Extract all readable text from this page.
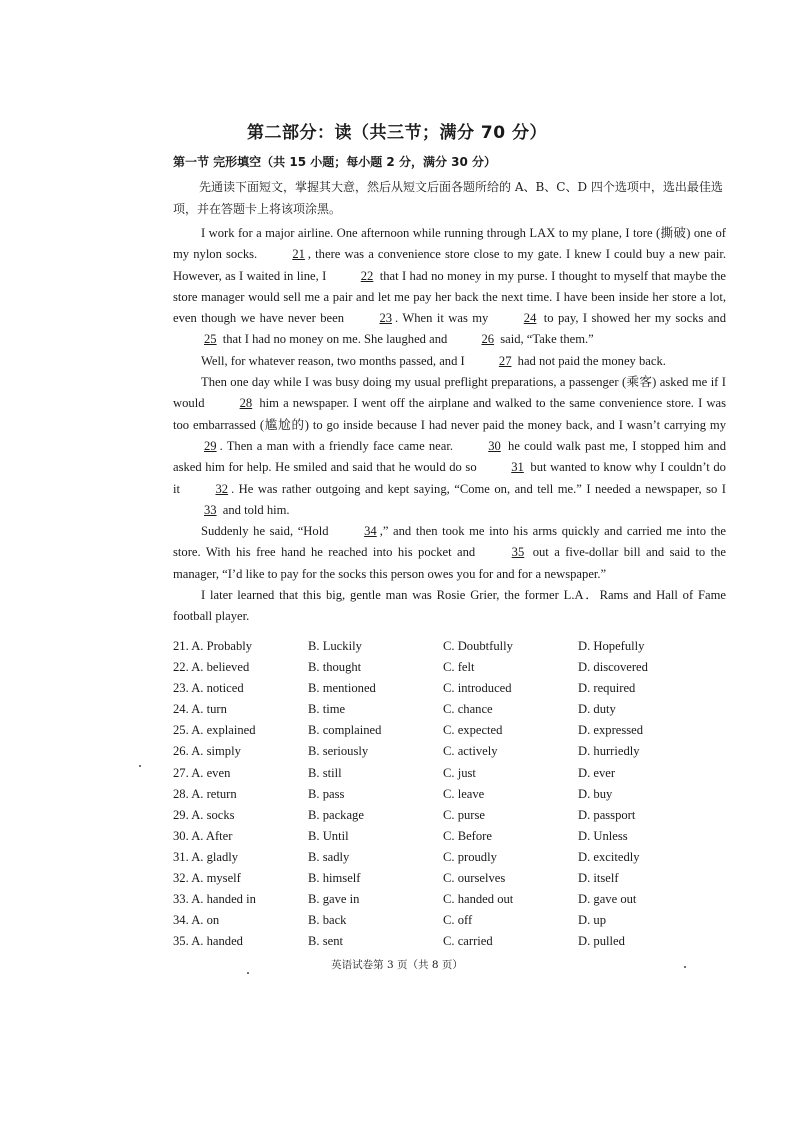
第二部分：读（共三节；满分 70 分）
第一节 完形填空（共 15 小题；每小题 2 分，满分 30 分）

先通读下面短文，掌握其大意，然后从短文后面各题所给的 A、B、C、D 四个选项中，选出最佳选项，并在答题卡上将该项涂黑。

I work for a major airline. One afternoon while running through LAX to my plane, I tore (撕破) one of my nylon socks.	21 , there was a convenience store close to my gate. I knew I could buy a new pair. However, as I waited in line, I	22 that I had no money in my purse. I thought to myself that maybe the store manager would sell me a pair and let me pay her back the next time. I have been inside her store a lot, even though we have never been	23 . When it was my	24 to pay, I showed her my socks and 25 that I had no money on me. She laughed and	26 said, “Take them.”

Well, for whatever reason, two months passed, and I	27 had not paid the money back.

Then one day while I was busy doing my usual preflight preparations, a passenger (乘客) asked me if I would	28 him a newspaper. I went off the airplane and walked to the same convenience store. I was too embarrassed (尴尬的) to go inside because I had never paid the money back, and I wasn’t carrying my 29 . Then a man with a friendly face came near.	30 he could walk past me, I stopped him and asked him for help. He smiled and said that he would do so	31 but wanted to know why I couldn’t do it	32 . He was rather outgoing and kept saying, “Come on, and tell me.” I needed a newspaper, so I 33 and told him.

Suddenly he said, “Hold	34 ,” and then took me into his arms quickly and carried me into the store. With his free hand he reached into his pocket and	35 out a five-dollar bill and said to the manager, “I’d like to pay for the socks this person owes you for and for a newspaper.”

I later learned that this big, gentle man was Rosie Grier, the former L.A．Rams and Hall of Fame football player.

21. A. Probably	B. Luckily	C. Doubtfully	D. Hopefully
22. A. believed	B. thought	C. felt	D. discovered
23. A. noticed	B. mentioned	C. introduced	D. required
24. A. turn	B. time	C. chance	D. duty
25. A. explained	B. complained	C. expected	D. expressed
26. A. simply	B. seriously	C. actively	D. hurriedly
27. A. even	B. still	C. just	D. ever
28. A. return	B. pass	C. leave	D. buy
29. A. socks	B. package	C. purse	D. passport
30. A. After	B. Until	C. Before	D. Unless
31. A. gladly	B. sadly	C. proudly	D. excitedly
32. A. myself	B. himself	C. ourselves	D. itself
33. A. handed in	B. gave in	C. handed out	D. gave out
34. A. on	B. back	C. off	D. up
35. A. handed	B. sent	C. carried	D. pulled
英语试卷第 3 页（共 8 页）
